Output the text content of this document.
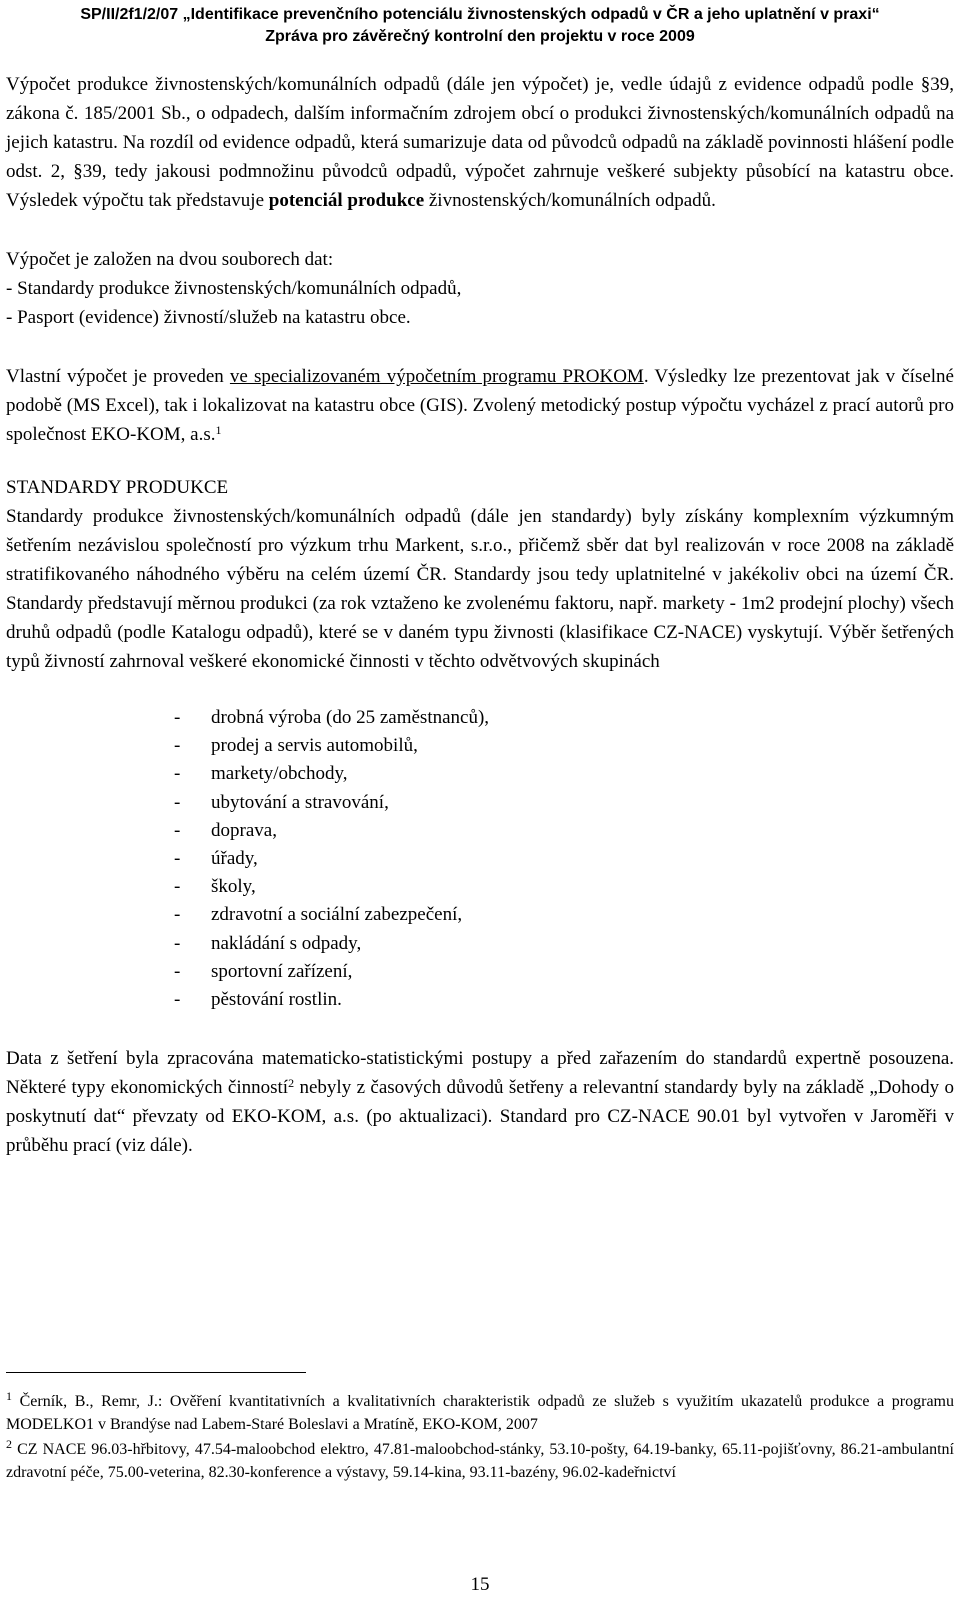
SP/II/2f1/2/07 „Identifikace prevenčního potenciálu živnostenských odpadů v ČR a jeho uplatnění v praxi“
Zpráva pro závěrečný kontrolní den projektu v roce 2009

Výpočet produkce živnostenských/komunálních odpadů (dále jen výpočet) je, vedle údajů z evidence odpadů podle §39, zákona č. 185/2001 Sb., o odpadech, dalším informačním zdrojem obcí o produkci živnostenských/komunálních odpadů na jejich katastru. Na rozdíl od evidence odpadů, která sumarizuje data od původců odpadů na základě povinnosti hlášení podle odst. 2, §39, tedy jakousi podmnožinu původců odpadů, výpočet zahrnuje veškeré subjekty působící na katastru obce. Výsledek výpočtu tak představuje potenciál produkce živnostenských/komunálních odpadů.

Výpočet je založen na dvou souborech dat:
- Standardy produkce živnostenských/komunálních odpadů,
- Pasport (evidence) živností/služeb na katastru obce.

Vlastní výpočet je proveden ve specializovaném výpočetním programu PROKOM. Výsledky lze prezentovat jak v číselné podobě (MS Excel), tak i lokalizovat na katastru obce (GIS). Zvolený metodický postup výpočtu vycházel z prací autorů pro společnost EKO-KOM, a.s.$^1$

STANDARDY PRODUKCE

Standardy produkce živnostenských/komunálních odpadů (dále jen standardy) byly získány komplexním výzkumným šetřením nezávislou společností pro výzkum trhu Markent, s.r.o., přičemž sběr dat byl realizován v roce 2008 na základě stratifikovaného náhodného výběru na celém území ČR. Standardy jsou tedy uplatnitelné v jakékoliv obci na území ČR. Standardy představují měrnou produkci (za rok vztaženo ke zvolenému faktoru, např. markety - 1m2 prodejní plochy) všech druhů odpadů (podle Katalogu odpadů), které se v daném typu živnosti (klasifikace CZ-NACE) vyskytují. Výběr šetřených typů živností zahrnoval veškeré ekonomické činnosti v těchto odvětvových skupinách

- drobná výroba (do 25 zaměstnanců),
- prodej a servis automobilů,
- markety/obchody,
- ubytování a stravování,
- doprava,
- úřady,
- školy,
- zdravotní a sociální zabezpečení,
- nakládání s odpady,
- sportovní zařízení,
- pěstování rostlin.

Data z šetření byla zpracována matematicko-statistickými postupy a před zařazením do standardů expertně posouzena. Některé typy ekonomických činností$^2$ nebyly z časových důvodů šetřeny a relevantní standardy byly na základě „Dohody o poskytnutí dat“ převzaty od EKO-KOM, a.s. (po aktualizaci). Standard pro CZ-NACE 90.01 byl vytvořen v Jaroměři v průběhu prací (viz dále).

$^1$ Černík, B., Remr, J.: Ověření kvantitativních a kvalitativních charakteristik odpadů ze služeb s využitím ukazatelů produkce a programu MODELKO1 v Brandýse nad Labem-Staré Boleslavi a Mratíně, EKO-KOM, 2007

$^2$ CZ NACE 96.03-hřbitovy, 47.54-maloobchod elektro, 47.81-maloobchod-stánky, 53.10-pošty, 64.19-banky, 65.11-pojišťovny, 86.21-ambulantní zdravotní péče, 75.00-veterina, 82.30-konference a výstavy, 59.14-kina, 93.11-bazény, 96.02-kadeřnictví

15
